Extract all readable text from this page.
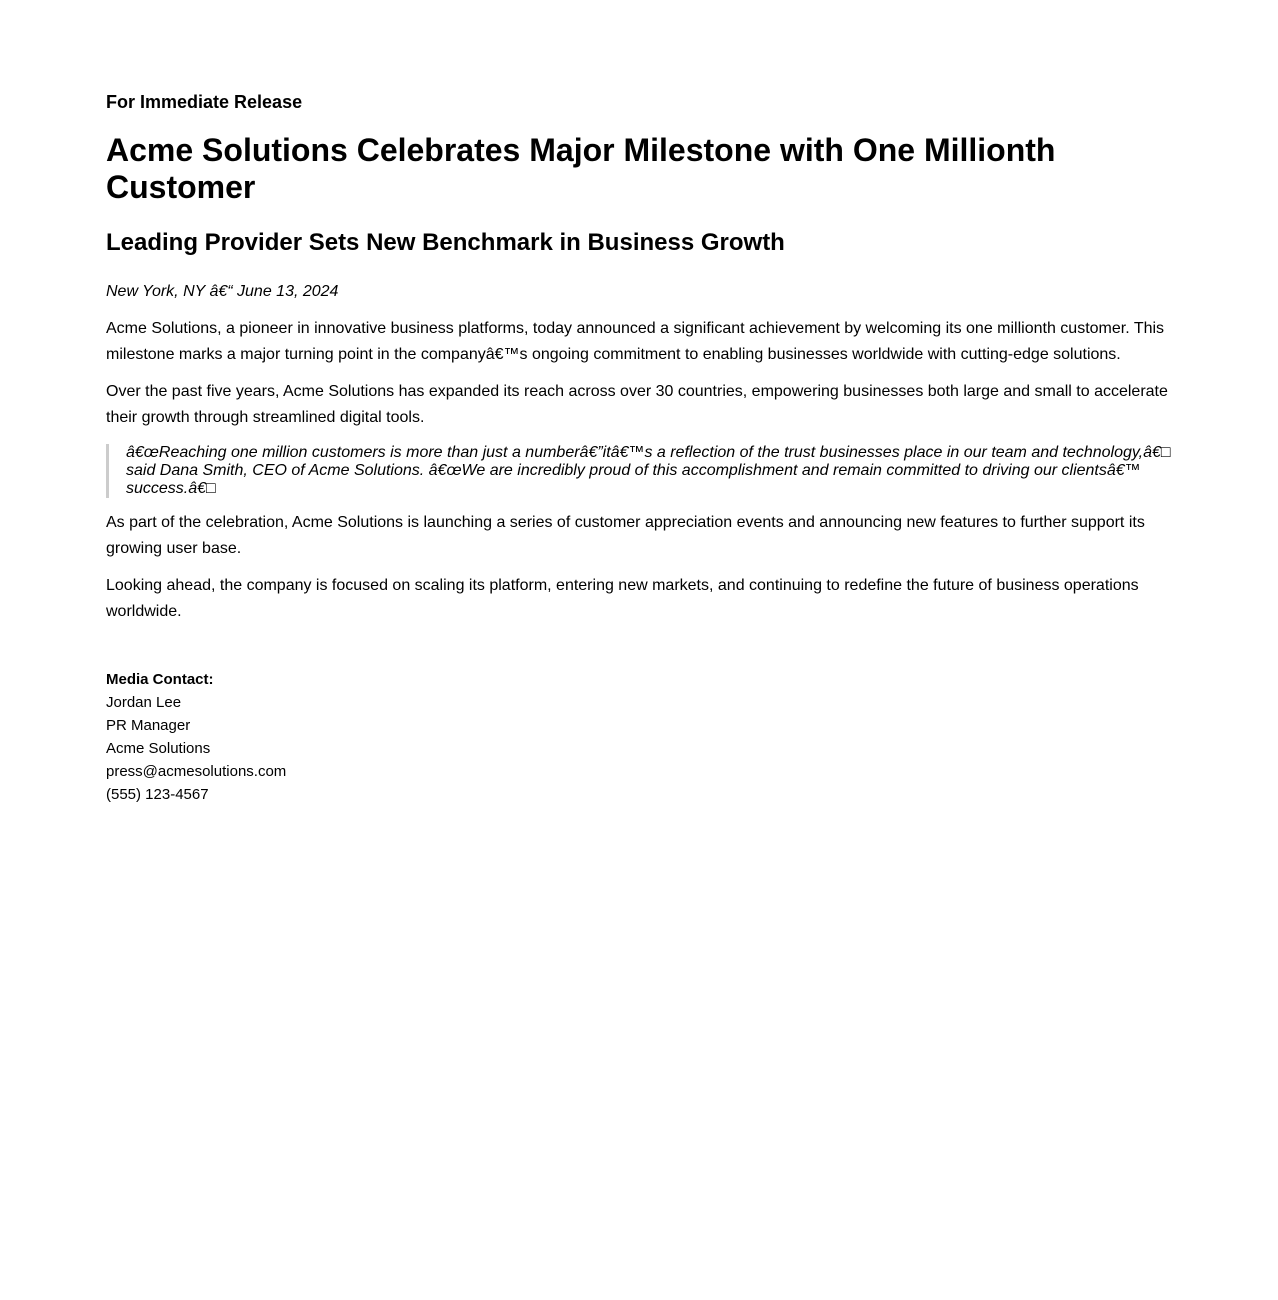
For Immediate Release

Acme Solutions Celebrates Major Milestone with One Millionth Customer
Leading Provider Sets New Benchmark in Business Growth

New York, NY â€“ June 13, 2024

Acme Solutions, a pioneer in innovative business platforms, today announced a significant achievement by welcoming its one millionth customer. This milestone marks a major turning point in the companyâ€™s ongoing commitment to enabling businesses worldwide with cutting-edge solutions.

Over the past five years, Acme Solutions has expanded its reach across over 30 countries, empowering businesses both large and small to accelerate their growth through streamlined digital tools.

â€œReaching one million customers is more than just a numberâ€”itâ€™s a reflection of the trust businesses place in our team and technology,â€□ said Dana Smith, CEO of Acme Solutions. â€œWe are incredibly proud of this accomplishment and remain committed to driving our clientsâ€™ success.â€□

As part of the celebration, Acme Solutions is launching a series of customer appreciation events and announcing new features to further support its growing user base.

Looking ahead, the company is focused on scaling its platform, entering new markets, and continuing to redefine the future of business operations worldwide.

Media Contact:
Jordan Lee
PR Manager
Acme Solutions
press@acmesolutions.com
(555) 123-4567
